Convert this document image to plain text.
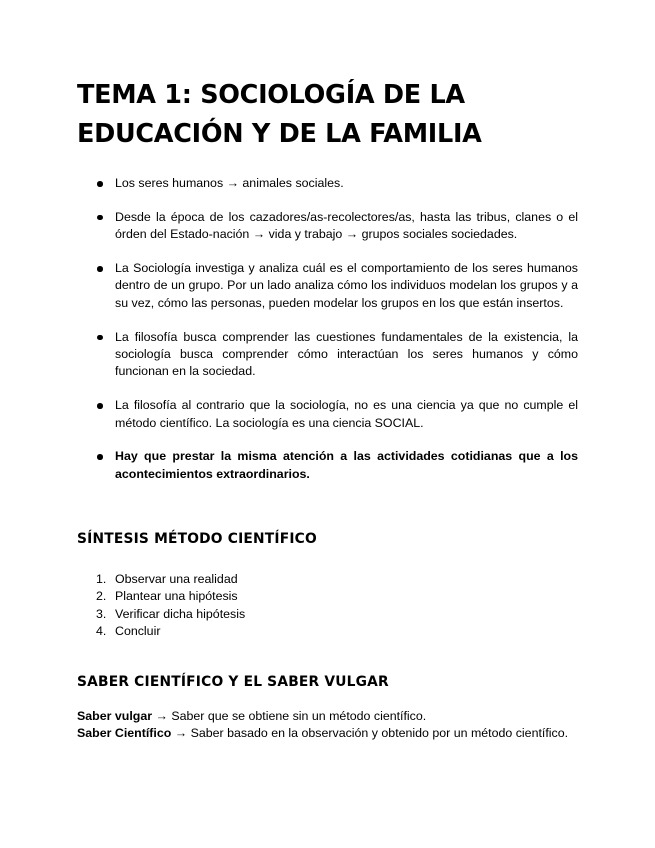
TEMA 1: SOCIOLOGÍA DE LA EDUCACIÓN Y DE LA FAMILIA
Los seres humanos → animales sociales.
Desde la época de los cazadores/as-recolectores/as, hasta las tribus, clanes o el órden del Estado-nación → vida y trabajo → grupos sociales sociedades.
La Sociología investiga y analiza cuál es el comportamiento de los seres humanos dentro de un grupo. Por un lado analiza cómo los individuos modelan los grupos y a su vez, cómo las personas, pueden modelar los grupos en los que están insertos.
La filosofía busca comprender las cuestiones fundamentales de la existencia, la sociología busca comprender cómo interactúan los seres humanos y cómo funcionan en la sociedad.
La filosofía al contrario que la sociología, no es una ciencia ya que no cumple el método científico. La sociología es una ciencia SOCIAL.
Hay que prestar la misma atención a las actividades cotidianas que a los acontecimientos extraordinarios.
SÍNTESIS MÉTODO CIENTÍFICO
1. Observar una realidad
2. Plantear una hipótesis
3. Verificar dicha hipótesis
4. Concluir
SABER CIENTÍFICO Y EL SABER VULGAR

Saber vulgar → Saber que se obtiene sin un método científico.

Saber Científico → Saber basado en la observación y obtenido por un método científico.
